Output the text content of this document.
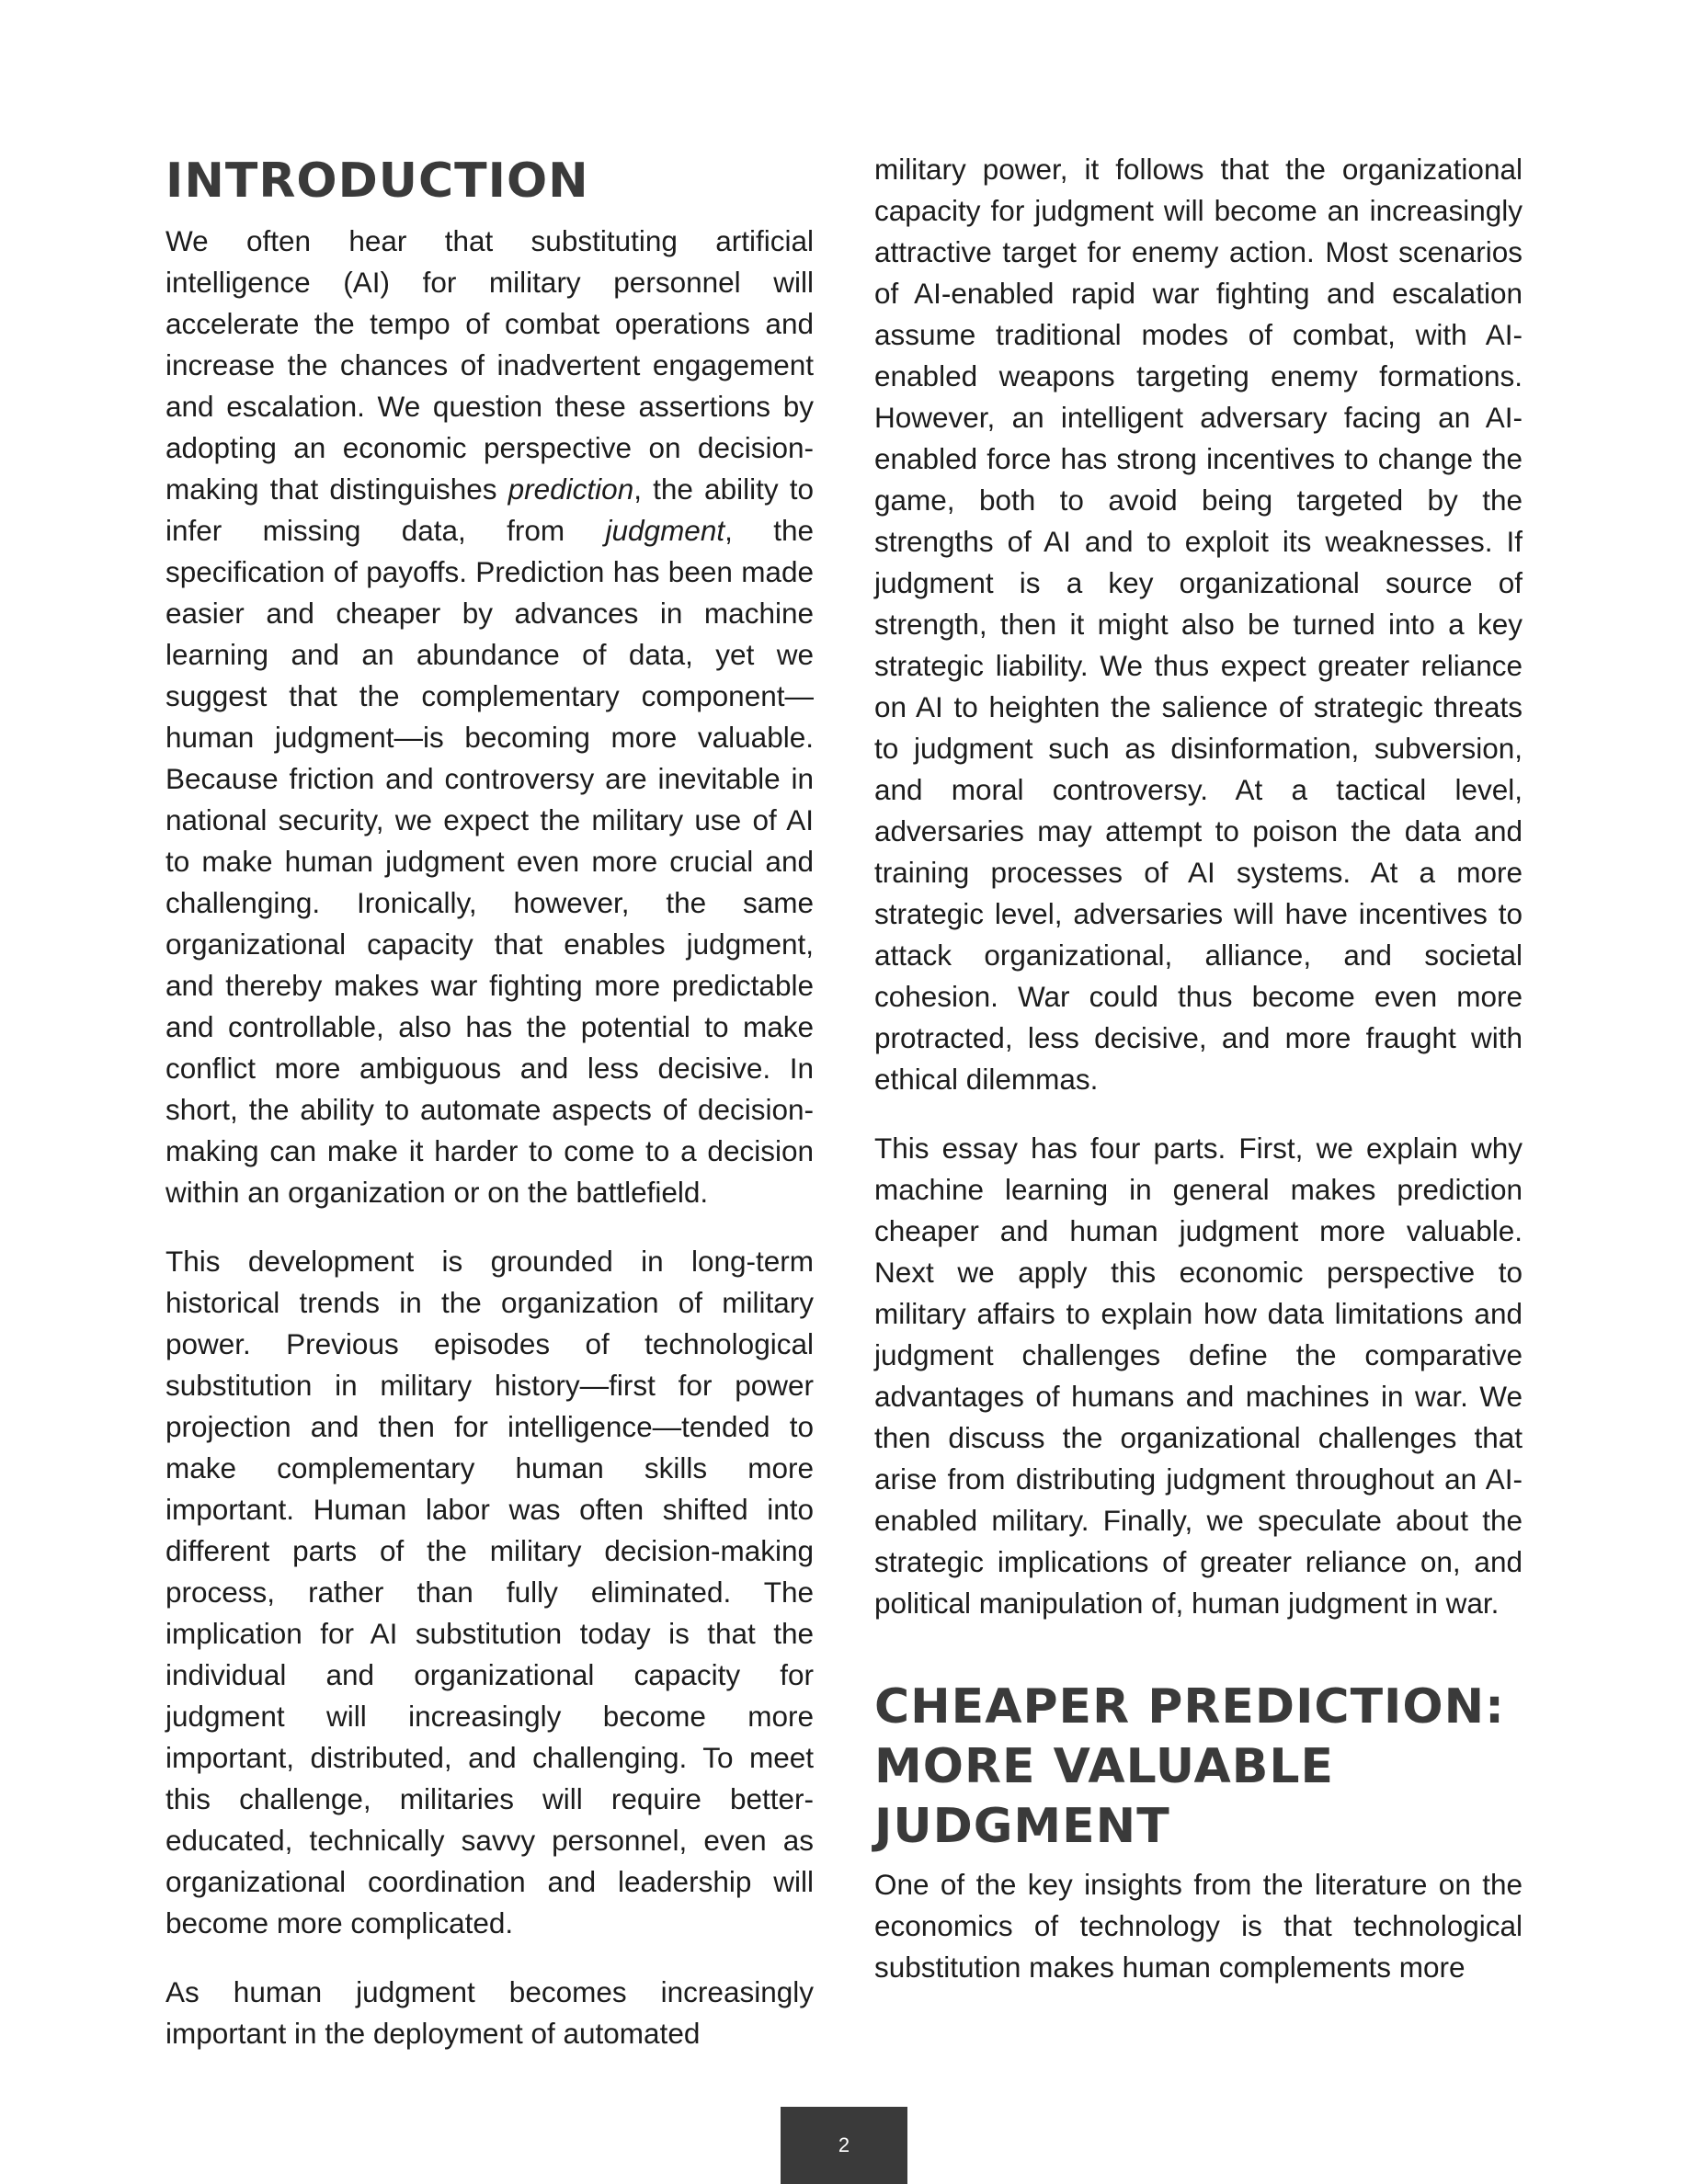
INTRODUCTION

We often hear that substituting artificial intelligence (AI) for military personnel will accelerate the tempo of combat operations and increase the chances of inadvertent engagement and escalation. We question these assertions by adopting an economic perspective on decision-making that distinguishes prediction, the ability to infer missing data, from judgment, the specification of payoffs. Prediction has been made easier and cheaper by advances in machine learning and an abundance of data, yet we suggest that the complementary component—human judgment—is becoming more valuable. Because friction and controversy are inevitable in national security, we expect the military use of AI to make human judgment even more crucial and challenging. Ironically, however, the same organizational capacity that enables judgment, and thereby makes war fighting more predictable and controllable, also has the potential to make conflict more ambiguous and less decisive. In short, the ability to automate aspects of decision-making can make it harder to come to a decision within an organization or on the battlefield.

This development is grounded in long-term historical trends in the organization of military power. Previous episodes of technological substitution in military history—first for power projection and then for intelligence—tended to make complementary human skills more important. Human labor was often shifted into different parts of the military decision-making process, rather than fully eliminated. The implication for AI substitution today is that the individual and organizational capacity for judgment will increasingly become more important, distributed, and challenging. To meet this challenge, militaries will require better-educated, technically savvy personnel, even as organizational coordination and leadership will become more complicated.

As human judgment becomes increasingly important in the deployment of automated

military power, it follows that the organizational capacity for judgment will become an increasingly attractive target for enemy action. Most scenarios of AI-enabled rapid war fighting and escalation assume traditional modes of combat, with AI-enabled weapons targeting enemy formations. However, an intelligent adversary facing an AI-enabled force has strong incentives to change the game, both to avoid being targeted by the strengths of AI and to exploit its weaknesses. If judgment is a key organizational source of strength, then it might also be turned into a key strategic liability. We thus expect greater reliance on AI to heighten the salience of strategic threats to judgment such as disinformation, subversion, and moral controversy. At a tactical level, adversaries may attempt to poison the data and training processes of AI systems. At a more strategic level, adversaries will have incentives to attack organizational, alliance, and societal cohesion. War could thus become even more protracted, less decisive, and more fraught with ethical dilemmas.

This essay has four parts. First, we explain why machine learning in general makes prediction cheaper and human judgment more valuable. Next we apply this economic perspective to military affairs to explain how data limitations and judgment challenges define the comparative advantages of humans and machines in war. We then discuss the organizational challenges that arise from distributing judgment throughout an AI-enabled military. Finally, we speculate about the strategic implications of greater reliance on, and political manipulation of, human judgment in war.

CHEAPER PREDICTION:
MORE VALUABLE
JUDGMENT

One of the key insights from the literature on the economics of technology is that technological substitution makes human complements more

2
